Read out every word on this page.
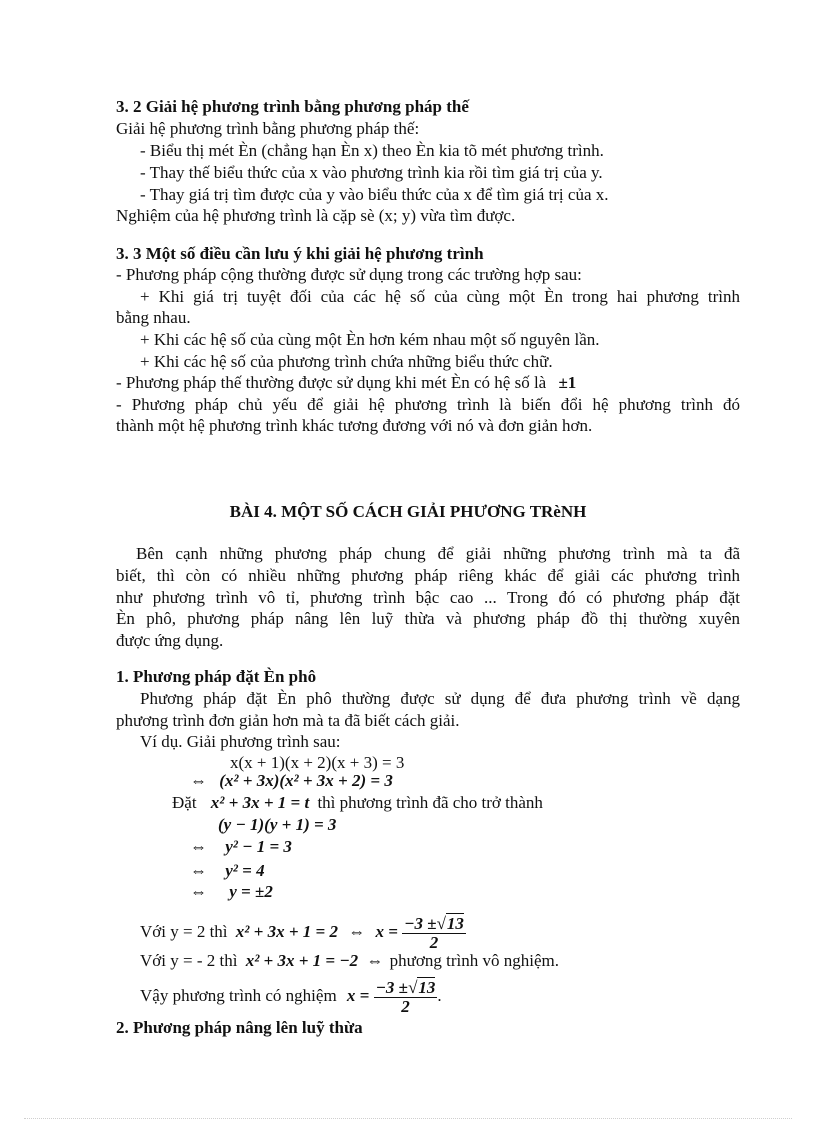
3. 2 Giải hệ phương trình bằng phương pháp thế
Giải hệ phương trình bằng phương pháp thế:
- Biểu thị mét Èn (chẳng hạn Èn x) theo Èn kia tõ mét phương trình.
- Thay thế biểu thức của x vào phương trình kia rồi tìm giá trị của y.
- Thay giá trị tìm được của y vào biểu thức của x để tìm giá trị của x.
Nghiệm của hệ phương trình là cặp sè (x; y) vừa tìm được.
3. 3 Một số điều cần lưu ý khi giải hệ phương trình
- Phương pháp cộng thường được sử dụng trong các trường hợp sau:
+ Khi giá trị tuyệt đối của các hệ số của cùng một Èn trong hai phương trình
bằng nhau.
+ Khi các hệ số của cùng một Èn hơn kém nhau một số nguyên lần.
+ Khi các hệ số của phương trình chứa những biểu thức chữ.
- Phương pháp thế thường được sử dụng khi mét Èn có hệ số là ±1
- Phương pháp chủ yếu để giải hệ phương trình là biến đổi hệ phương trình đó
thành một hệ phương trình khác tương đương với nó và đơn giản hơn.
BÀI 4. MỘT SỐ CÁCH GIẢI PHƯƠNG TRèNH
Bên cạnh những phương pháp chung để giải những phương trình mà ta đã
biết, thì còn có nhiều những phương pháp riêng khác để giải các phương trình
như phương trình vô tỉ, phương trình bậc cao ... Trong đó có phương pháp đặt
Èn phô, phương pháp nâng lên luỹ thừa và phương pháp đồ thị thường xuyên
được ứng dụng.
1. Phương pháp đặt Èn phô
Phương pháp đặt Èn phô thường được sử dụng để đưa phương trình về dạng
phương trình đơn giản hơn mà ta đã biết cách giải.
Ví dụ. Giải phương trình sau:
x(x + 1)(x + 2)(x + 3) = 3
⇔ (x² + 3x)(x² + 3x + 2) = 3
Đặt x² + 3x + 1 = t thì phương trình đã cho trở thành
(y − 1)(y + 1) = 3
⇔ y² − 1 = 3
⇔ y² = 4
⇔ y = ±2
Với y = 2 thì x² + 3x + 1 = 2 ⇔ $x = \frac{-3 \pm√13}{2}$
Với y = - 2 thì x² + 3x + 1 = −2 ⇔ phương trình vô nghiệm.
Vậy phương trình có nghiệm $x = \frac{-3 \pm√13}{2}$ .
2. Phương pháp nâng lên luỹ thừa
